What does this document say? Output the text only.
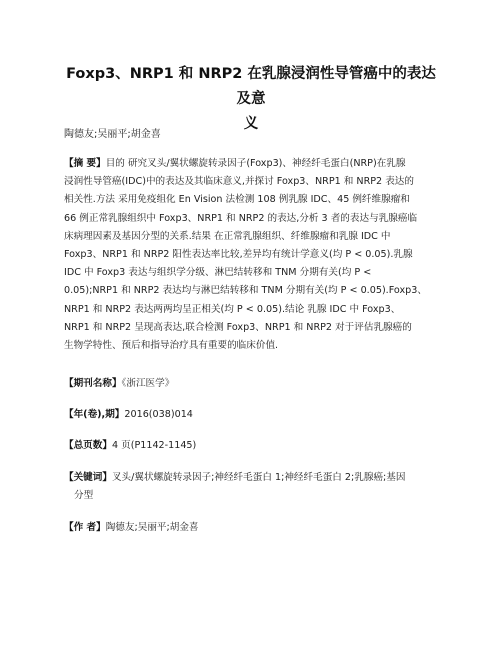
Foxp3、NRP1 和 NRP2 在乳腺浸润性导管癌中的表达及意
义
陶德友;吴丽平;胡金喜
【摘 要】目的 研究叉头/翼状螺旋转录因子(Foxp3)、神经纤毛蛋白(NRP)在乳腺
浸润性导管癌(IDC)中的表达及其临床意义,并探讨 Foxp3、NRP1 和 NRP2 表达的
相关性.方法 采用免疫组化 En Vision 法检测 108 例乳腺 IDC、45 例纤维腺瘤和
66 例正常乳腺组织中 Foxp3、NRP1 和 NRP2 的表达,分析 3 者的表达与乳腺癌临
床病理因素及基因分型的关系.结果 在正常乳腺组织、纤维腺瘤和乳腺 IDC 中
Foxp3、NRP1 和 NRP2 阳性表达率比较,差异均有统计学意义(均 P < 0.05).乳腺
IDC 中 Foxp3 表达与组织学分级、淋巴结转移和 TNM 分期有关(均 P <
0.05);NRP1 和 NRP2 表达均与淋巴结转移和 TNM 分期有关(均 P < 0.05).Foxp3、
NRP1 和 NRP2 表达两两均呈正相关(均 P < 0.05).结论 乳腺 IDC 中 Foxp3、
NRP1 和 NRP2 呈现高表达,联合检测 Foxp3、NRP1 和 NRP2 对于评估乳腺癌的
生物学特性、预后和指导治疗具有重要的临床价值.
【期刊名称】《浙江医学》
【年(卷),期】2016(038)014
【总页数】4 页(P1142-1145)
【关键词】叉头/翼状螺旋转录因子;神经纤毛蛋白 1;神经纤毛蛋白 2;乳腺癌;基因
分型
【作 者】陶德友;吴丽平;胡金喜
